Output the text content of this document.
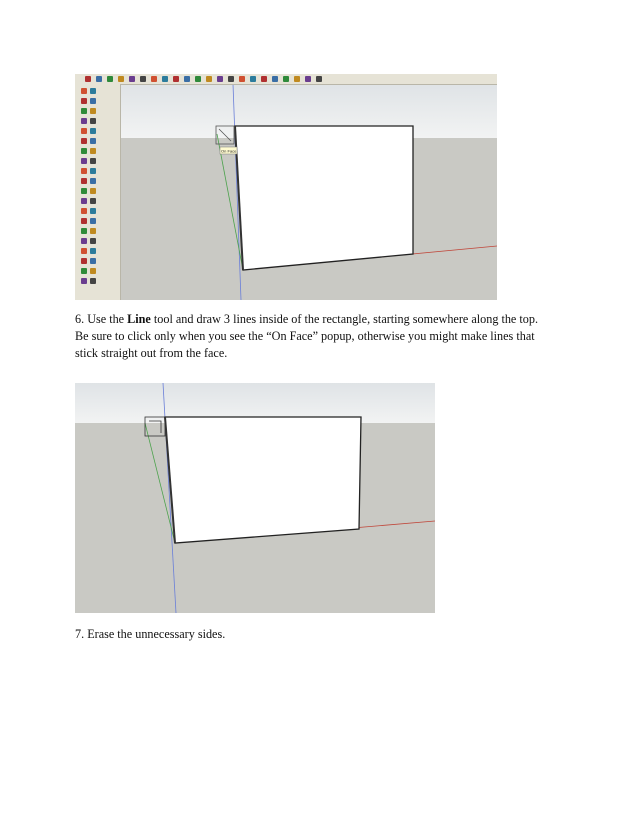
On Face
6. Use the Line tool and draw 3 lines inside of the rectangle, starting somewhere along the top.
Be sure to click only when you see the “On Face” popup, otherwise you might make lines that
stick straight out from the face.
7. Erase the unnecessary sides.
